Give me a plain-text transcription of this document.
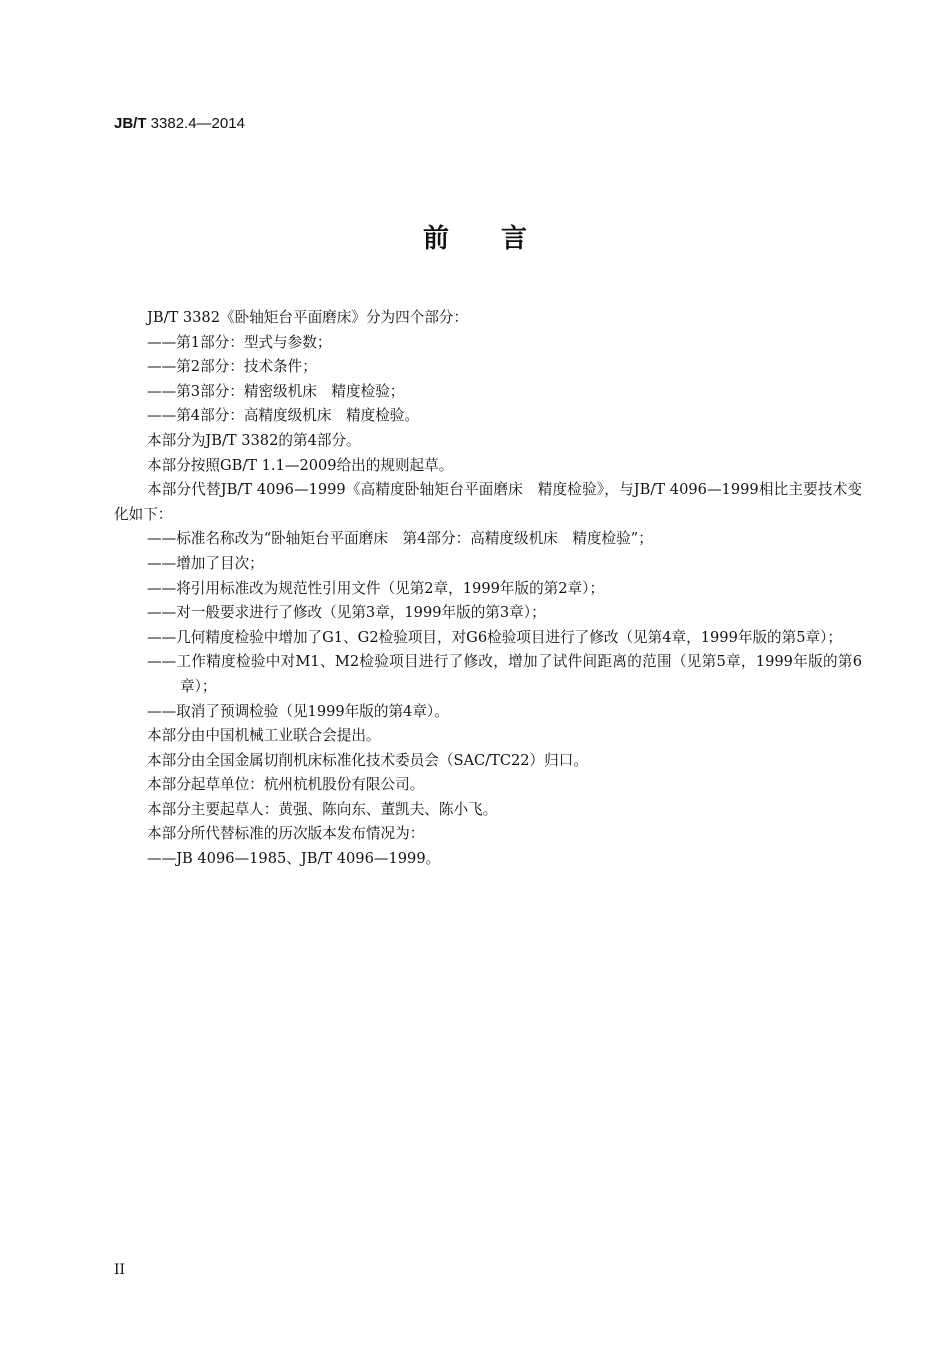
JB/T 3382.4—2014
前言

JB/T 3382《卧轴矩台平面磨床》分为四个部分：

——第1部分：型式与参数；

——第2部分：技术条件；

——第3部分：精密级机床　精度检验；

——第4部分：高精度级机床　精度检验。

本部分为JB/T 3382的第4部分。

本部分按照GB/T 1.1—2009给出的规则起草。

本部分代替JB/T 4096—1999《高精度卧轴矩台平面磨床　精度检验》，与JB/T 4096—1999相比主要技术变化如下：

——标准名称改为“卧轴矩台平面磨床　第4部分：高精度级机床　精度检验”；

——增加了目次；

——将引用标准改为规范性引用文件（见第2章，1999年版的第2章）；

——对一般要求进行了修改（见第3章，1999年版的第3章）；

——几何精度检验中增加了G1、G2检验项目，对G6检验项目进行了修改（见第4章，1999年版的第5章）；

——工作精度检验中对M1、M2检验项目进行了修改，增加了试件间距离的范围（见第5章，1999年版的第6章）；

——取消了预调检验（见1999年版的第4章）。

本部分由中国机械工业联合会提出。

本部分由全国金属切削机床标准化技术委员会（SAC/TC22）归口。

本部分起草单位：杭州杭机股份有限公司。

本部分主要起草人：黄强、陈向东、董凯夫、陈小飞。

本部分所代替标准的历次版本发布情况为：

——JB 4096—1985、JB/T 4096—1999。

II
